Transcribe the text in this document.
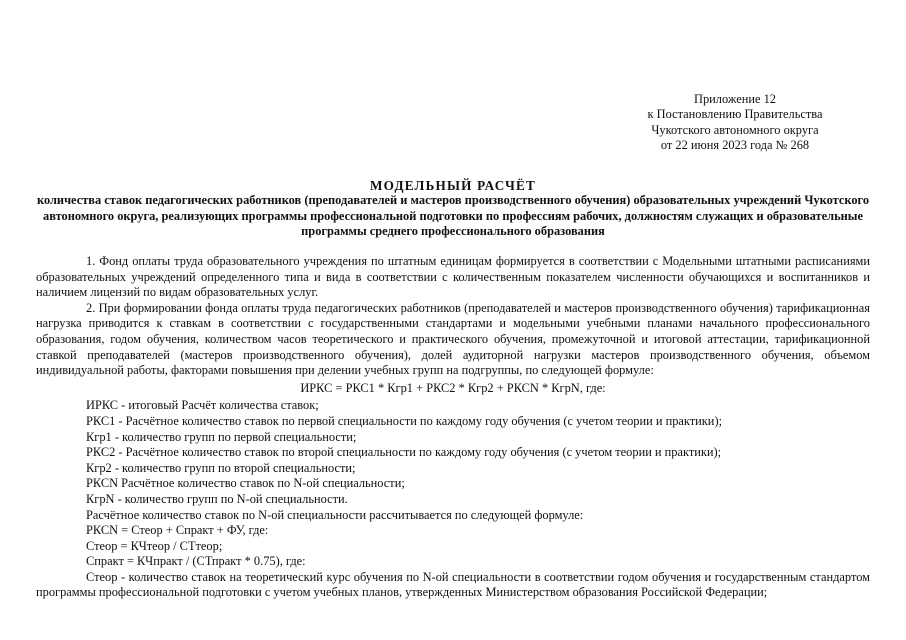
Приложение 12
к Постановлению Правительства
Чукотского автономного округа
от 22 июня 2023 года № 268
МОДЕЛЬНЫЙ РАСЧЁТ
количества ставок педагогических работников (преподавателей и мастеров производственного обучения) образовательных учреждений Чукотского автономного округа, реализующих программы профессиональной подготовки по профессиям рабочих, должностям служащих и образовательные программы среднего профессионального образования
1. Фонд оплаты труда образовательного учреждения по штатным единицам формируется в соответствии с Модельными штатными расписаниями образовательных учреждений определенного типа и вида в соответствии с количественным показателем численности обучающихся и воспитанников и наличием лицензий по видам образовательных услуг.
2. При формировании фонда оплаты труда педагогических работников (преподавателей и мастеров производственного обучения) тарификационная нагрузка приводится к ставкам в соответствии с государственными стандартами и модельными учебными планами начального профессионального образования, годом обучения, количеством часов теоретического и практического обучения, промежуточной и итоговой аттестации, тарификационной ставкой преподавателей (мастеров производственного обучения), долей аудиторной нагрузки мастеров производственного обучения, объемом индивидуальной работы, факторами повышения при делении учебных групп на подгруппы, по следующей формуле:
ИРКС = РКС1 * Кгр1 + РКС2 * Кгр2 + РКСN * КгрN, где:
ИРКС - итоговый Расчёт количества ставок;
РКС1 - Расчётное количество ставок по первой специальности по каждому году обучения (с учетом теории и практики);
Кгр1 - количество групп по первой специальности;
РКС2 - Расчётное количество ставок по второй специальности по каждому году обучения (с учетом теории и практики);
Кгр2 - количество групп по второй специальности;
РКСN Расчётное количество ставок по N-ой специальности;
КгрN - количество групп по N-ой специальности.
Расчётное количество ставок по N-ой специальности рассчитывается по следующей формуле:
РКСN = Стеор + Спракт + ФУ, где:
Стеор = КЧтеор / СТтеор;
Спракт = КЧпракт / (СТпракт * 0.75), где:
Стеор - количество ставок на теоретический курс обучения по N-ой специальности в соответствии годом обучения и государственным стандартом программы профессиональной подготовки с учетом учебных планов, утвержденных Министерством образования Российской Федерации;
